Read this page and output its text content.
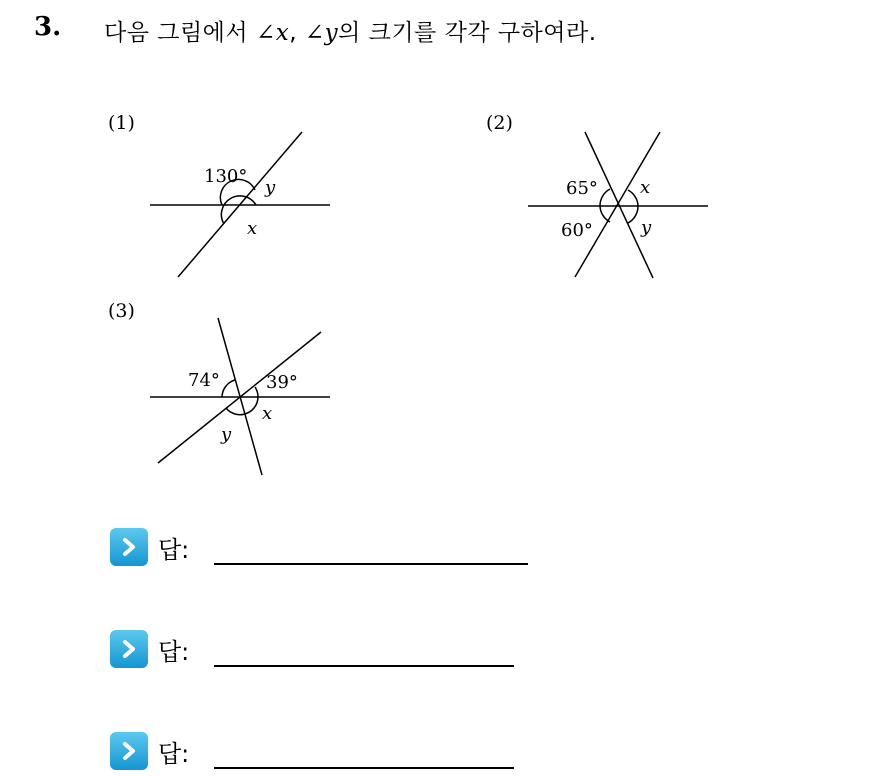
3. 다음 그림에서 ∠x, ∠y의 크기를 각각 구하여라.
(1)	(2)
(3)
130°
y
x
65°
60°
x
y
74°	39°
x
y
답:
답:
답:
